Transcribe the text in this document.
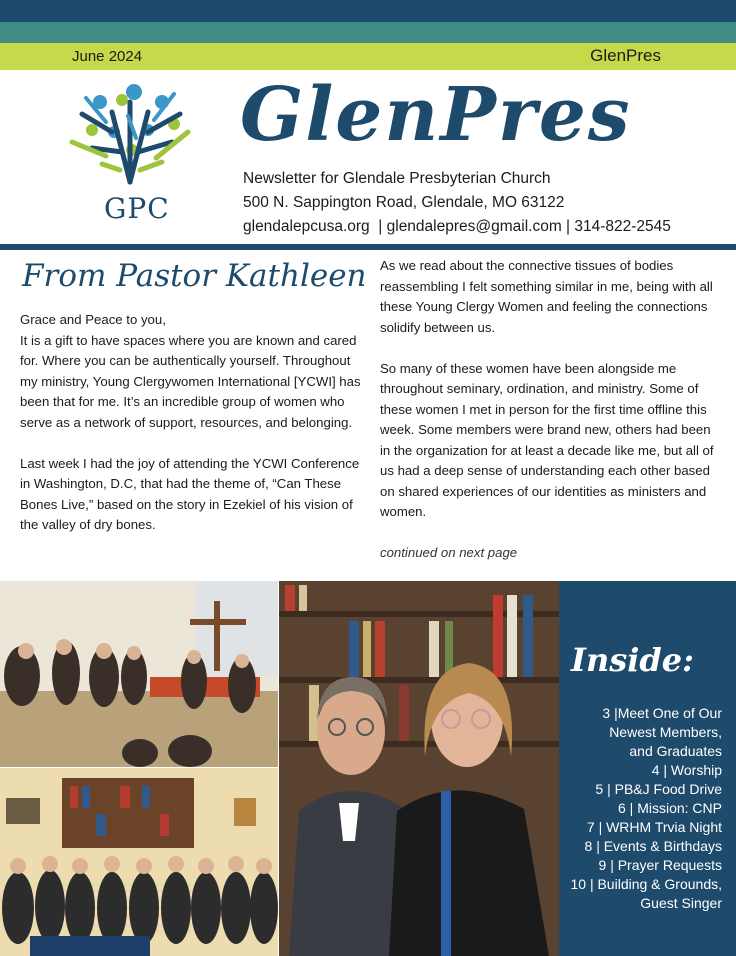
June 2024	GlenPres
GPC
GlenPres
Newsletter for Glendale Presbyterian Church
500 N. Sappington Road, Glendale, MO 63122
glendalepcusa.org  | glendalepres@gmail.com | 314-822-2545
From Pastor Kathleen

Grace and Peace to you,
It is a gift to have spaces where you are known and cared for. Where you can be authentically yourself. Throughout my ministry, Young Clergywomen International [YCWI] has been that for me. It’s an incredible group of women who serve as a network of support, resources, and belonging.

Last week I had the joy of attending the YCWI Conference in Washington, D.C, that had the theme of, “Can These Bones Live,” based on the story in Ezekiel of his vision of the valley of dry bones.

As we read about the connective tissues of bodies reassembling I felt something similar in me, being with all these Young Clergy Women and feeling the connections solidify between us.

So many of these women have been alongside me throughout seminary, ordination, and ministry. Some of these women I met in person for the first time offline this week. Some members were brand new, others had been in the organization for at least a decade like me, but all of us had a deep sense of understanding each other based on shared experiences of our identities as ministers and women.

continued on next page

Inside:
3 |Meet One of Our
Newest Members,
and Graduates
4 | Worship
5 | PB&J Food Drive
6 | Mission: CNP
7 | WRHM Trvia Night
8 | Events & Birthdays
9 | Prayer Requests
10 | Building & Grounds,
Guest Singer
